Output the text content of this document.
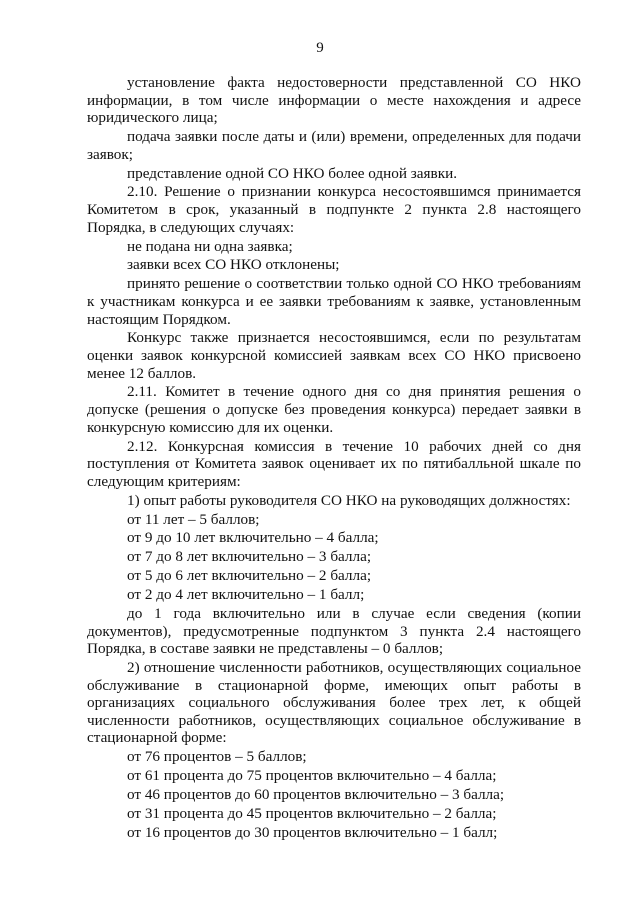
9

установление факта недостоверности представленной СО НКО информации, в том числе информации о месте нахождения и адресе юридического лица;

подача заявки после даты и (или) времени, определенных для подачи заявок;

представление одной СО НКО более одной заявки.

2.10. Решение о признании конкурса несостоявшимся принимается Комитетом в срок, указанный в подпункте 2 пункта 2.8 настоящего Порядка, в следующих случаях:

не подана ни одна заявка;

заявки всех СО НКО отклонены;

принято решение о соответствии только одной СО НКО требованиям к участникам конкурса и ее заявки требованиям к заявке, установленным настоящим Порядком.

Конкурс также признается несостоявшимся, если по результатам оценки заявок конкурсной комиссией заявкам всех СО НКО присвоено менее 12 баллов.

2.11. Комитет в течение одного дня со дня принятия решения о допуске (решения о допуске без проведения конкурса) передает заявки в конкурсную комиссию для их оценки.

2.12. Конкурсная комиссия в течение 10 рабочих дней со дня поступления от Комитета заявок оценивает их по пятибалльной шкале по следующим критериям:

1) опыт работы руководителя СО НКО на руководящих должностях:

от 11 лет – 5 баллов;

от 9 до 10 лет включительно – 4 балла;

от 7 до 8 лет включительно – 3 балла;

от 5 до 6 лет включительно – 2 балла;

от 2 до 4 лет включительно – 1 балл;

до 1 года включительно или в случае если сведения (копии документов), предусмотренные подпунктом 3 пункта 2.4 настоящего Порядка, в составе заявки не представлены – 0 баллов;

2) отношение численности работников, осуществляющих социальное обслуживание в стационарной форме, имеющих опыт работы в организациях социального обслуживания более трех лет, к общей численности работников, осуществляющих социальное обслуживание в стационарной форме:

от 76 процентов – 5 баллов;

от 61 процента до 75 процентов включительно – 4 балла;

от 46 процентов до 60 процентов включительно – 3 балла;

от 31 процента до 45 процентов включительно – 2 балла;

от 16 процентов до 30 процентов включительно – 1 балл;
